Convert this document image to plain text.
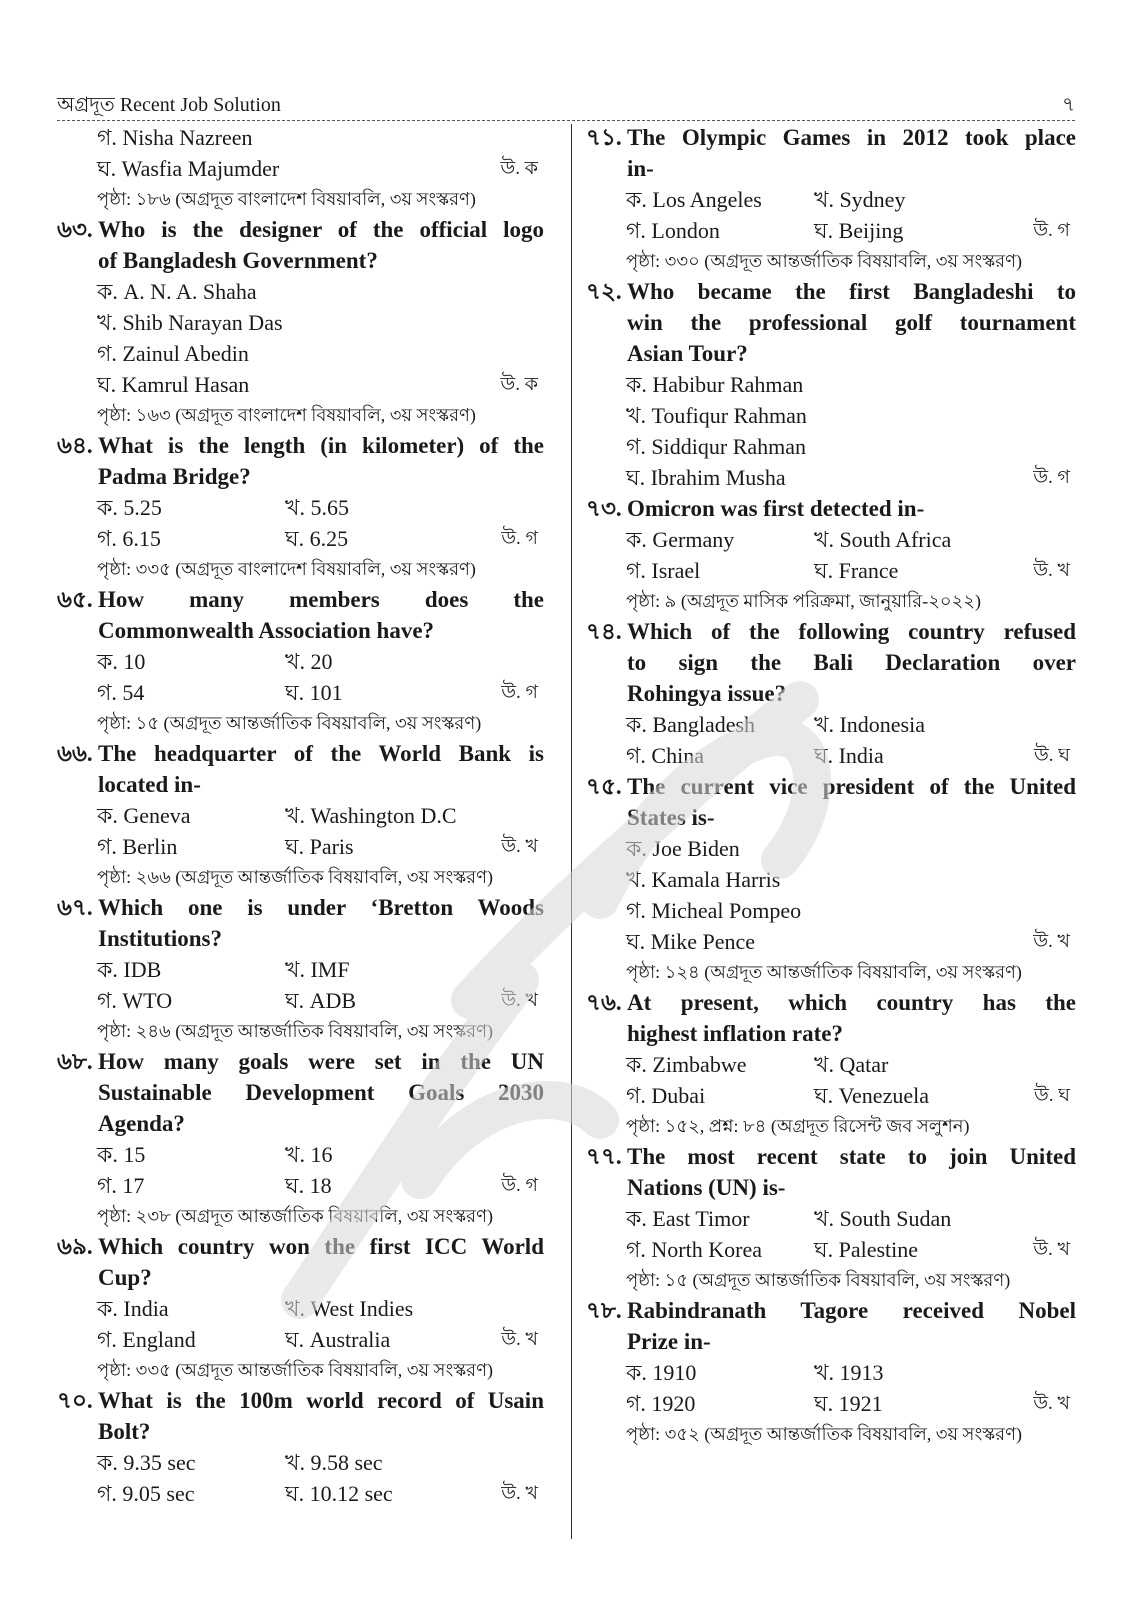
অগ্রদূত Recent Job Solution	৭
গ. Nisha Nazreen
ঘ. Wasfia Majumder	উ. ক
পৃষ্ঠা: ১৮৬ (অগ্রদূত বাংলাদেশ বিষয়াবলি, ৩য় সংস্করণ)
৬৩. Who is the designer of the official logo
of Bangladesh Government?
ক. A. N. A. Shaha
খ. Shib Narayan Das
গ. Zainul Abedin
ঘ. Kamrul Hasan	উ. ক
পৃষ্ঠা: ১৬৩ (অগ্রদূত বাংলাদেশ বিষয়াবলি, ৩য় সংস্করণ)
৬৪. What is the length (in kilometer) of the
Padma Bridge?
ক. 5.25	খ. 5.65
গ. 6.15	ঘ. 6.25	উ. গ
পৃষ্ঠা: ৩৩৫ (অগ্রদূত বাংলাদেশ বিষয়াবলি, ৩য় সংস্করণ)
৬৫. How many members does the
Commonwealth Association have?
ক. 10	খ. 20
গ. 54	ঘ. 101	উ. গ
পৃষ্ঠা: ১৫ (অগ্রদূত আন্তর্জাতিক বিষয়াবলি, ৩য় সংস্করণ)
৬৬. The headquarter of the World Bank is
located in-
ক. Geneva	খ. Washington D.C
গ. Berlin	ঘ. Paris	উ. খ
পৃষ্ঠা: ২৬৬ (অগ্রদূত আন্তর্জাতিক বিষয়াবলি, ৩য় সংস্করণ)
৬৭. Which one is under ‘Bretton Woods
Institutions?
ক. IDB	খ. IMF
গ. WTO	ঘ. ADB	উ. খ
পৃষ্ঠা: ২৪৬ (অগ্রদূত আন্তর্জাতিক বিষয়াবলি, ৩য় সংস্করণ)
৬৮. How many goals were set in the UN
Sustainable Development Goals 2030
Agenda?
ক. 15	খ. 16
গ. 17	ঘ. 18	উ. গ
পৃষ্ঠা: ২৩৮ (অগ্রদূত আন্তর্জাতিক বিষয়াবলি, ৩য় সংস্করণ)
৬৯. Which country won the first ICC World
Cup?
ক. India	খ. West Indies
গ. England	ঘ. Australia	উ. খ
পৃষ্ঠা: ৩৩৫ (অগ্রদূত আন্তর্জাতিক বিষয়াবলি, ৩য় সংস্করণ)
৭০. What is the 100m world record of Usain
Bolt?
ক. 9.35 sec	খ. 9.58 sec
গ. 9.05 sec	ঘ. 10.12 sec	উ. খ
৭১. The Olympic Games in 2012 took place
in-
ক. Los Angeles খ. Sydney
গ. London	ঘ. Beijing	উ. গ
পৃষ্ঠা: ৩৩০ (অগ্রদূত আন্তর্জাতিক বিষয়াবলি, ৩য় সংস্করণ)
৭২. Who became the first Bangladeshi to
win the professional golf tournament
Asian Tour?
ক. Habibur Rahman
খ. Toufiqur Rahman
গ. Siddiqur Rahman
ঘ. Ibrahim Musha	উ. গ
৭৩. Omicron was first detected in-
ক. Germany	খ. South Africa
গ. Israel	ঘ. France	উ. খ
পৃষ্ঠা: ৯ (অগ্রদূত মাসিক পরিক্রমা, জানুয়ারি-২০২২)
৭৪. Which of the following country refused
to sign the Bali Declaration over
Rohingya issue?
ক. Bangladesh	খ. Indonesia
গ. China	ঘ. India	উ. ঘ
৭৫. The current vice president of the United
States is-
ক. Joe Biden
খ. Kamala Harris
গ. Micheal Pompeo
ঘ. Mike Pence	উ. খ
পৃষ্ঠা: ১২৪ (অগ্রদূত আন্তর্জাতিক বিষয়াবলি, ৩য় সংস্করণ)
৭৬. At present, which country has the
highest inflation rate?
ক. Zimbabwe	খ. Qatar
গ. Dubai	ঘ. Venezuela	উ. ঘ
পৃষ্ঠা: ১৫২, প্রশ্ন: ৮৪ (অগ্রদূত রিসেন্ট জব সলুশন)
৭৭. The most recent state to join United
Nations (UN) is-
ক. East Timor	খ. South Sudan
গ. North Korea ঘ. Palestine	উ. খ
পৃষ্ঠা: ১৫ (অগ্রদূত আন্তর্জাতিক বিষয়াবলি, ৩য় সংস্করণ)
৭৮. Rabindranath Tagore received Nobel
Prize in-
ক. 1910	খ. 1913
গ. 1920	ঘ. 1921	উ. খ
পৃষ্ঠা: ৩৫২ (অগ্রদূত আন্তর্জাতিক বিষয়াবলি, ৩য় সংস্করণ)
